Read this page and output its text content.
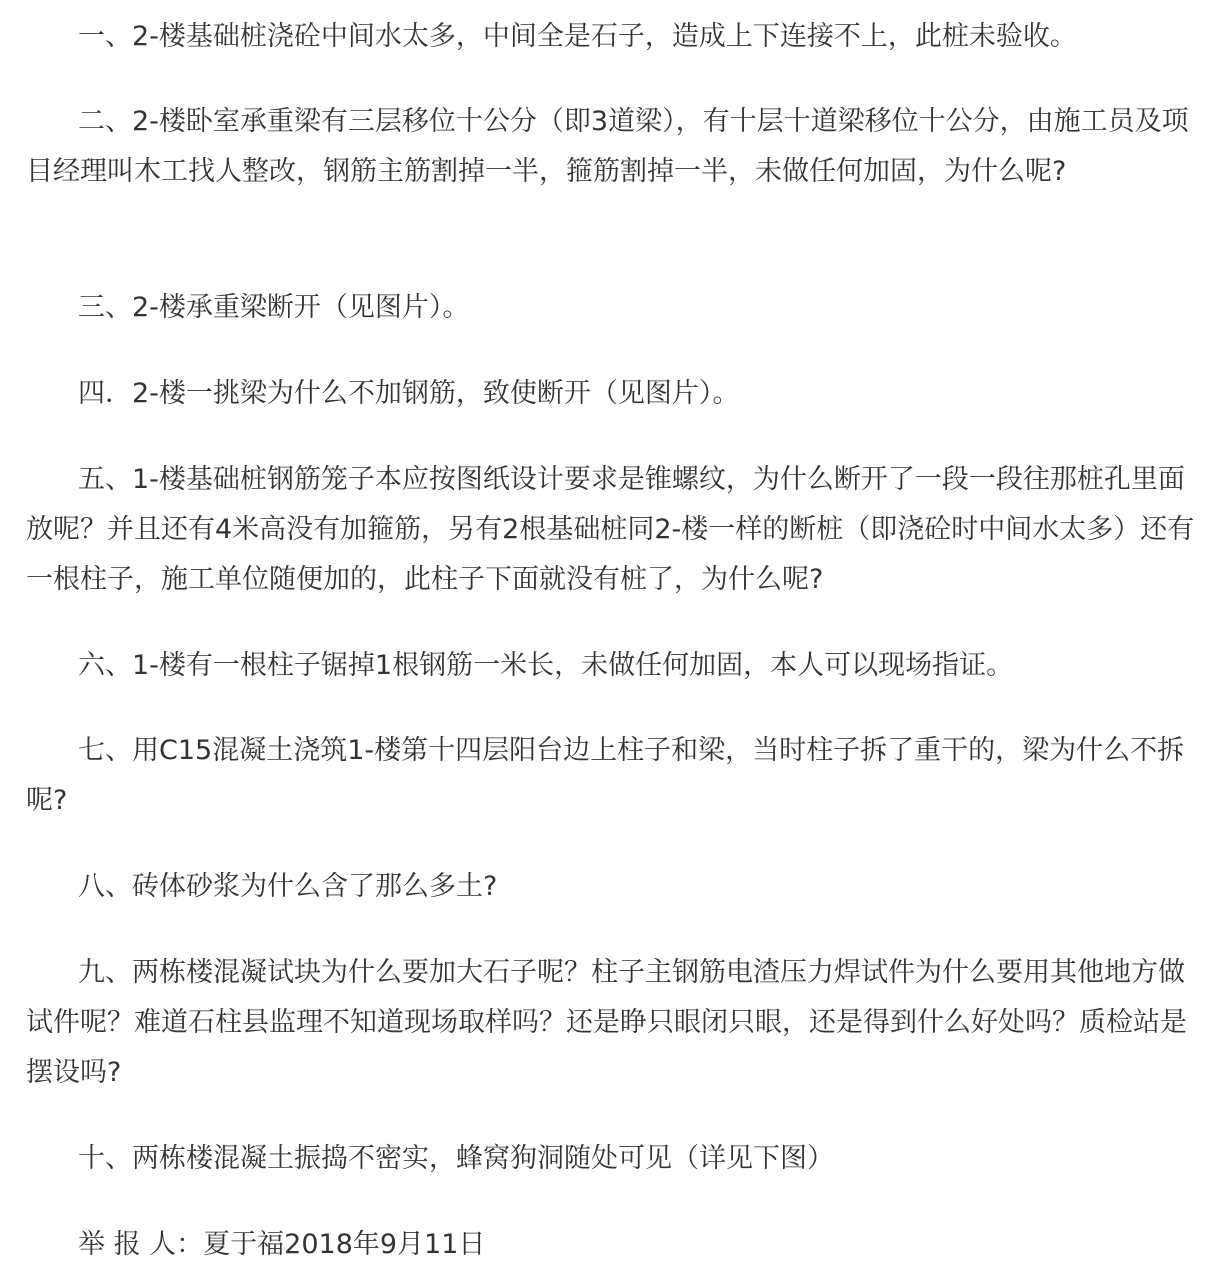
一、2-楼基础桩浇砼中间水太多，中间全是石子，造成上下连接不上，此桩未验收。

二、2-楼卧室承重梁有三层移位十公分（即3道梁），有十层十道梁移位十公分，由施工员及项目经理叫木工找人整改，钢筋主筋割掉一半，箍筋割掉一半，未做任何加固，为什么呢?

三、2-楼承重梁断开（见图片）。

四．2-楼一挑梁为什么不加钢筋，致使断开（见图片）。

五、1-楼基础桩钢筋笼子本应按图纸设计要求是锥螺纹，为什么断开了一段一段往那桩孔里面放呢？并且还有4米高没有加箍筋，另有2根基础桩同2-楼一样的断桩（即浇砼时中间水太多）还有一根柱子，施工单位随便加的，此柱子下面就没有桩了，为什么呢?

六、1-楼有一根柱子锯掉1根钢筋一米长，未做任何加固，本人可以现场指证。

七、用C15混凝土浇筑1-楼第十四层阳台边上柱子和梁，当时柱子拆了重干的，梁为什么不拆呢?

八、砖体砂浆为什么含了那么多土?

九、两栋楼混凝试块为什么要加大石子呢？柱子主钢筋电渣压力焊试件为什么要用其他地方做试件呢？难道石柱县监理不知道现场取样吗？还是睁只眼闭只眼，还是得到什么好处吗？质检站是摆设吗?

十、两栋楼混凝土振捣不密实，蜂窝狗洞随处可见（详见下图）

举 报 人：夏于福2018年9月11日
